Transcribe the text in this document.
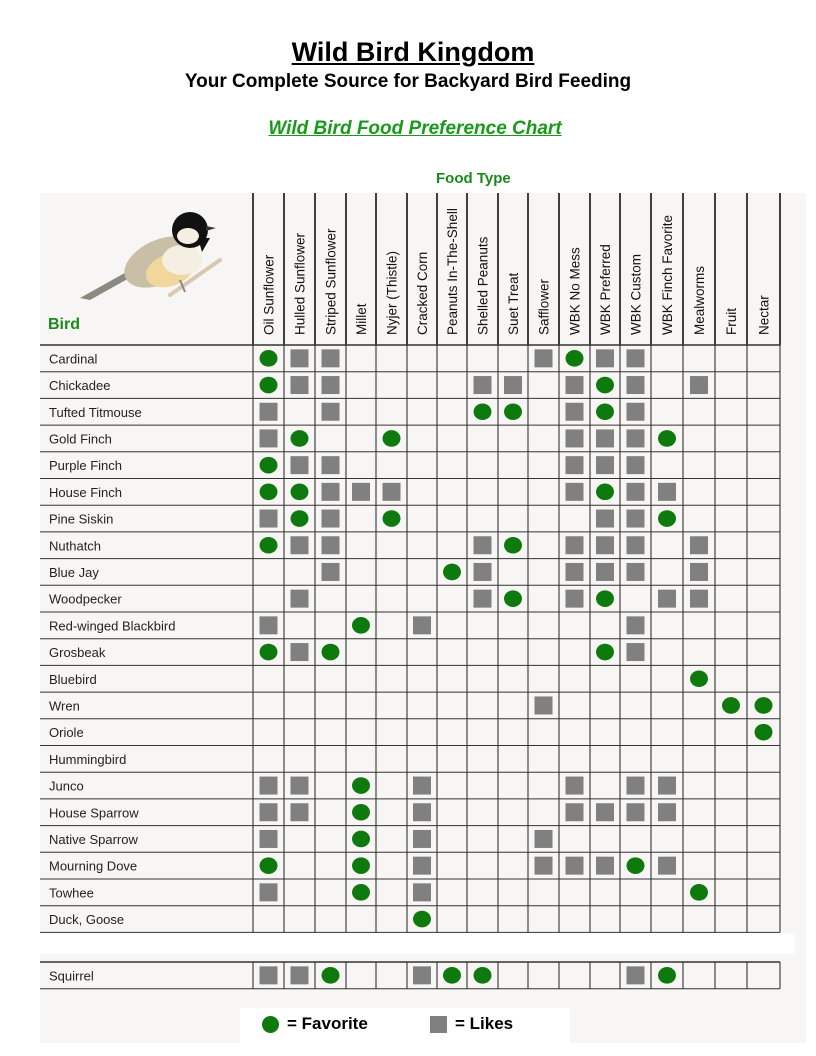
Wild Bird Kingdom
Your Complete Source for Backyard Bird Feeding
Wild Bird Food Preference Chart
Food Type
Bird	Oil Sunflower Hulled Sunflower Striped Sunflower Millet Nyjer (Thistle) Cracked Corn Peanuts In-The-Shell Shelled Peanuts Suet Treat Safflower WBK No Mess WBK Preferred WBK Custom WBK Finch Favorite Mealworms Fruit Nectar
Cardinal
Chickadee
Tufted Titmouse
Gold Finch
Purple Finch
House Finch
Pine Siskin
Nuthatch
Blue Jay
Woodpecker
Red-winged Blackbird
Grosbeak
Bluebird
Wren
Oriole
Hummingbird
Junco
House Sparrow
Native Sparrow
Mourning Dove
Towhee
Duck, Goose
Squirrel
= Favorite	= Likes
